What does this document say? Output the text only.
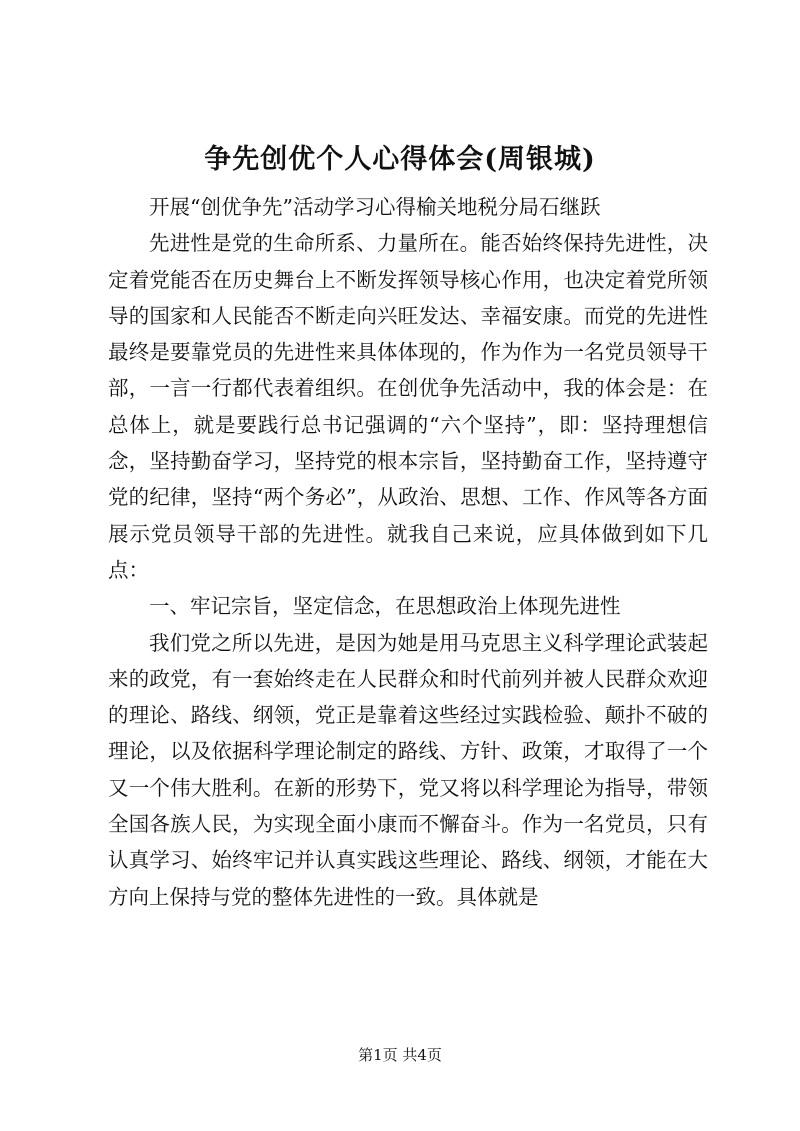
争先创优个人心得体会(周银城)

开展“创优争先”活动学习心得榆关地税分局石继跃

先进性是党的生命所系、力量所在。能否始终保持先进性，决定着党能否在历史舞台上不断发挥领导核心作用，也决定着党所领导的国家和人民能否不断走向兴旺发达、幸福安康。而党的先进性最终是要靠党员的先进性来具体体现的，作为作为一名党员领导干部，一言一行都代表着组织。在创优争先活动中，我的体会是：在总体上，就是要践行总书记强调的“六个坚持”，即：坚持理想信念，坚持勤奋学习，坚持党的根本宗旨，坚持勤奋工作，坚持遵守党的纪律，坚持“两个务必”，从政治、思想、工作、作风等各方面展示党员领导干部的先进性。就我自己来说，应具体做到如下几点：

一、牢记宗旨，坚定信念，在思想政治上体现先进性

我们党之所以先进，是因为她是用马克思主义科学理论武装起来的政党，有一套始终走在人民群众和时代前列并被人民群众欢迎的理论、路线、纲领，党正是靠着这些经过实践检验、颠扑不破的理论，以及依据科学理论制定的路线、方针、政策，才取得了一个又一个伟大胜利。在新的形势下，党又将以科学理论为指导，带领全国各族人民，为实现全面小康而不懈奋斗。作为一名党员，只有认真学习、始终牢记并认真实践这些理论、路线、纲领，才能在大方向上保持与党的整体先进性的一致。具体就是

第1页 共4页
